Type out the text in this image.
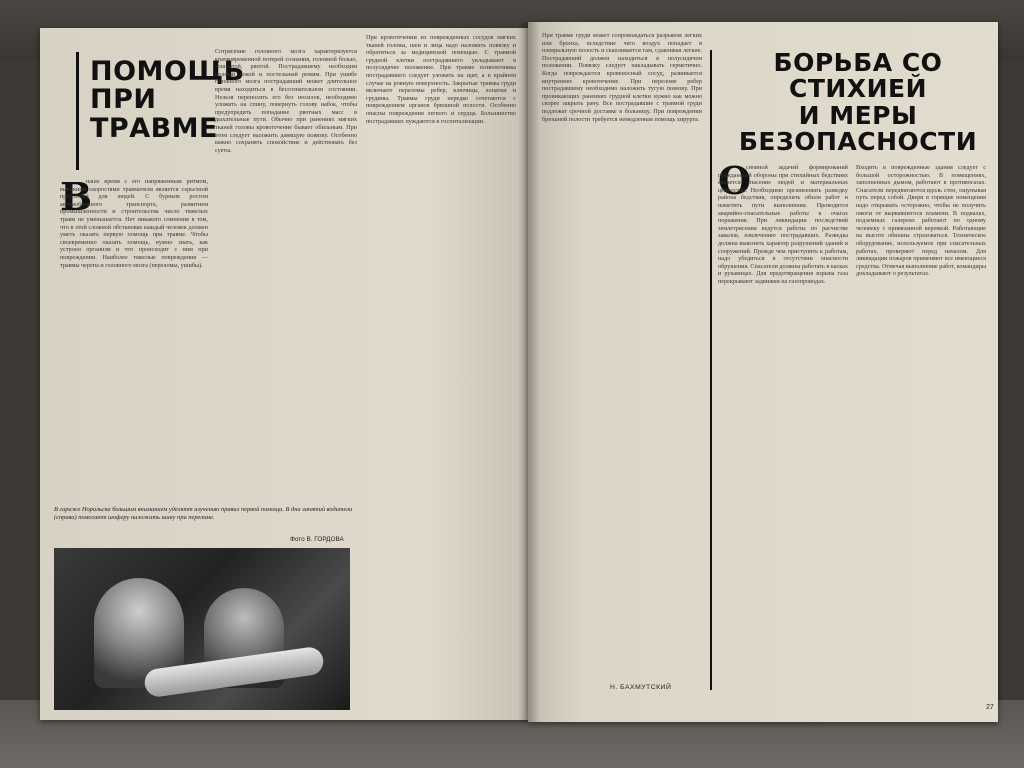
ПОМОЩЬ
ПРИ
ТРАВМЕ
В
наше время с его напряженным ритмом, высокими скоростями травматизм является серьезной проблемой для людей. С бурным ростом автомобильного транспорта, развитием промышленности и строительства число тяжелых травм не уменьшается. Нет никакого сомнения в том, что в этой сложной обстановке каждый человек должен уметь оказать первую помощь при травме. Чтобы своевременно оказать помощь, нужно знать, как устроен организм и что происходит с ним при повреждении. Наиболее тяжелые повреждения — травмы черепа и головного мозга (переломы, ушибы).
Сотрясение головного мозга характеризуется кратковременной потерей сознания, головной болью, тошнотой, рвотой. Пострадавшему необходим полный покой и постельный режим. При ушибе головного мозга пострадавший может длительное время находиться в бессознательном состоянии. Нельзя переносить его без носилок, необходимо уложить на спину, повернуть голову набок, чтобы предупредить попадание рвотных масс в дыхательные пути. Обычно при ранениях мягких тканей головы кровотечение бывает обильным. При этом следует наложить давящую повязку. Особенно важно сохранять спокойствие и действовать без суеты.
При кровотечении из поврежденных сосудов мягких тканей головы, шеи и лица надо наложить повязку и обратиться за медицинской помощью. С травмой грудной клетки пострадавшего укладывают в полусидячее положение. При травме позвоночника пострадавшего следует уложить на щит, а в крайнем случае на ровную поверхность. Закрытые травмы груди включают переломы ребер, ключицы, лопатки и грудины. Травмы груди нередко сочетаются с повреждением органов брюшной полости. Особенно опасны повреждения легкого и сердца. Большинство пострадавших нуждаются в госпитализации.
В гараже Норильска большим вниманием уделяют изучению правил первой помощи. В дни занятий водители (справа) помогают шоферу наложить шину при переломе.
Фото В. ГОРДОВА
При травме груди может сопровождаться разрывом легких или бронха, вследствие чего воздух попадает в плевральную полость и скапливается там, сдавливая легкие. Пострадавший должен находиться в полусидячем положении. Повязку следует накладывать герметично. Когда повреждается кровеносный сосуд, развивается внутреннее кровотечение. При переломе ребер пострадавшему необходимо наложить тугую повязку. При проникающих ранениях грудной клетки нужно как можно скорее закрыть рану. Все пострадавшие с травмой груди подлежат срочной доставке в больницу. При повреждении брюшной полости требуется немедленная помощь хирурга.
БОРЬБА СО СТИХИЕЙ
И МЕРЫ
БЕЗОПАСНОСТИ
О
сновной задачей формирований гражданской обороны при стихийных бедствиях является спасение людей и материальных ценностей. Необходимо организовать разведку района бедствия, определить объем работ и наметить пути выполнения. Проводится аварийно-спасательные работы в очагах поражения. При ликвидации последствий землетрясения ведутся работы по расчистке завалов, извлечению пострадавших. Разведка должна выяснить характер разрушений зданий и сооружений. Прежде чем приступить к работам, надо убедиться в отсутствии опасности обрушения. Спасатели должны работать в касках и рукавицах. Для предотвращения взрыва газа перекрывают задвижки на газопроводах.
Входить в поврежденные здания следует с большой осторожностью. В помещениях, заполненных дымом, работают в противогазах. Спасатели передвигаются вдоль стен, ощупывая путь перед собой. Двери в горящие помещения надо открывать осторожно, чтобы не получить ожоги от вырвавшегося пламени. В подвалах, подземных галереях работают по одному человеку с привязанной веревкой. Работающие на высоте обязаны страховаться. Техническое оборудование, используемое при спасательных работах, проверяют перед началом. Для ликвидации пожаров применяют все имеющиеся средства. Отмечая выполнение работ, командиры докладывают о результатах.
Н. БАХМУТСКИЙ
27
